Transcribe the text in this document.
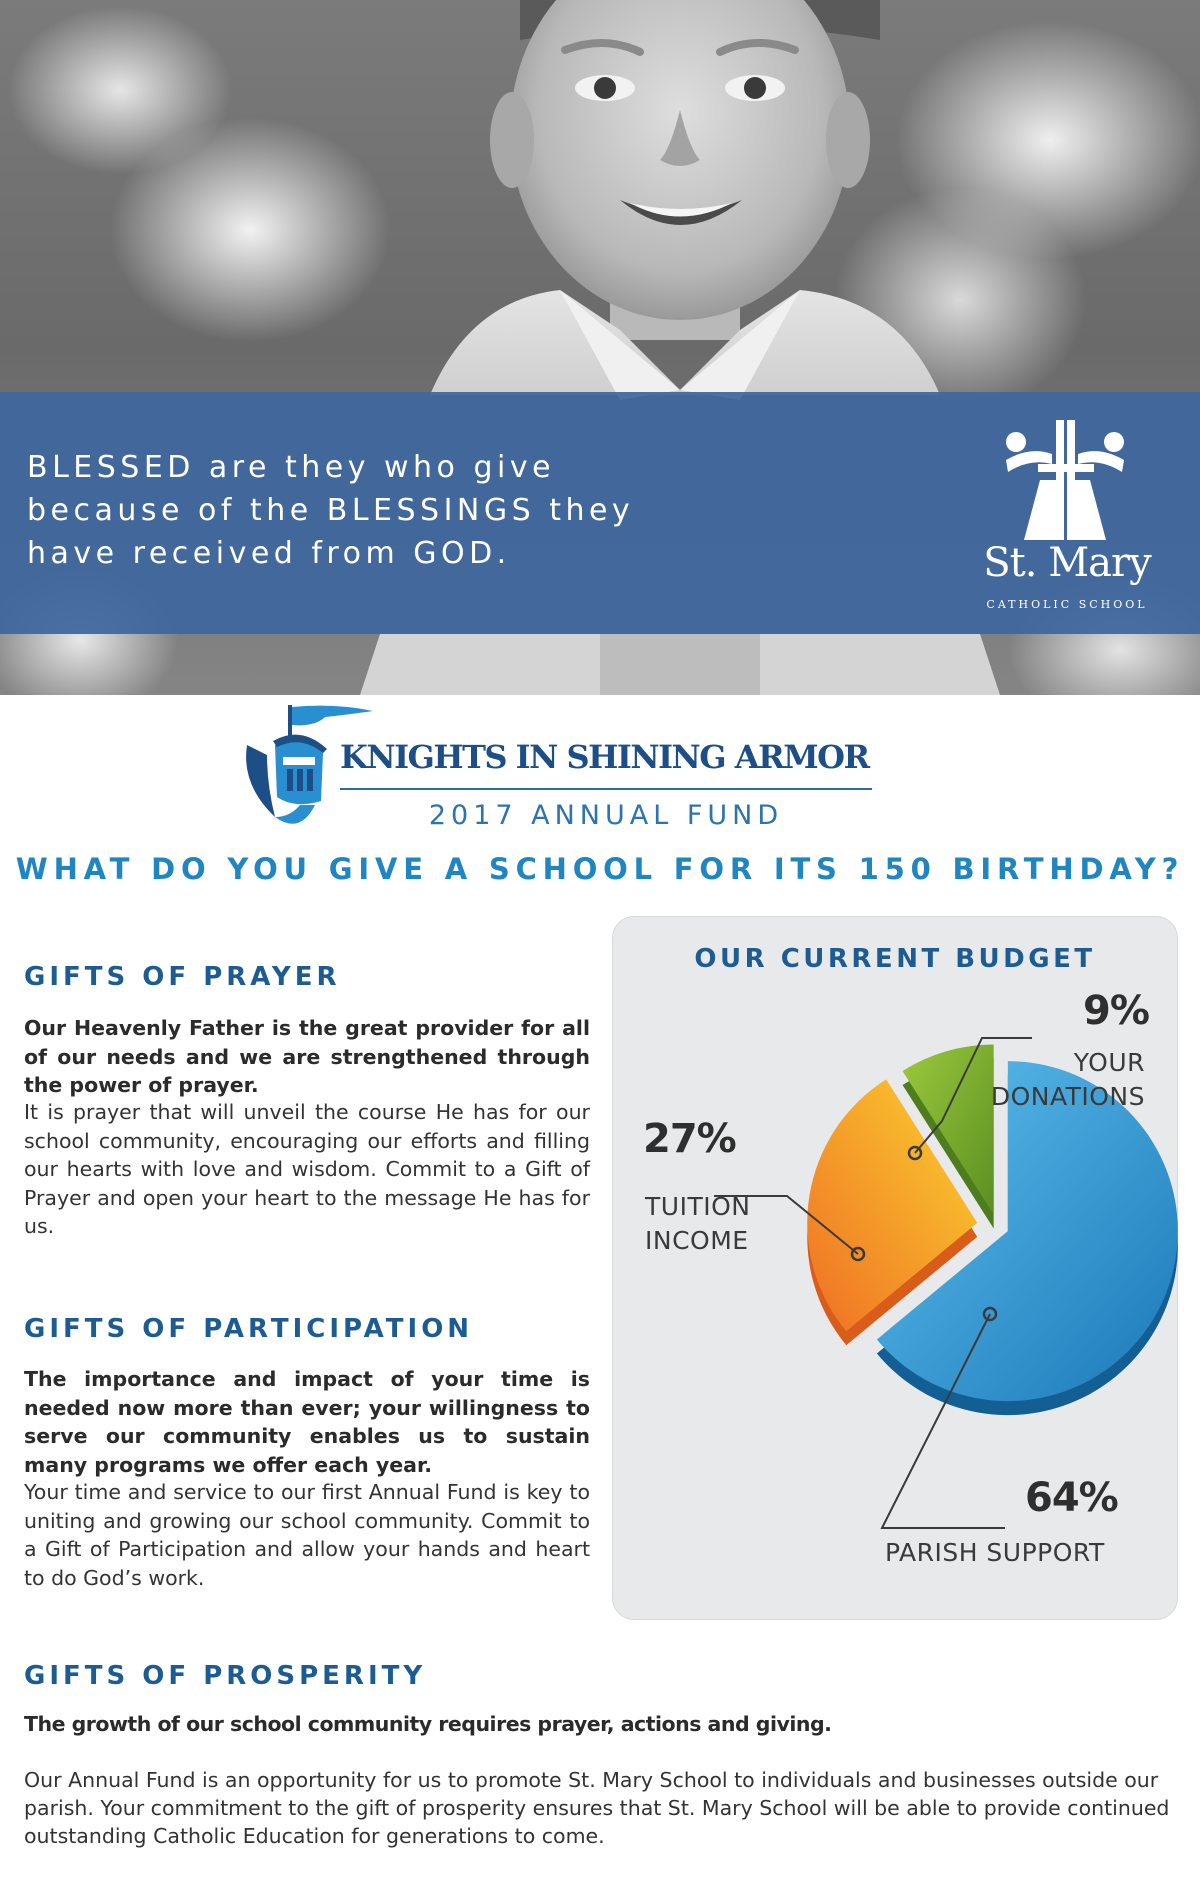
BLESSED are they who give
because of the BLESSINGS they
have received from GOD.	St. Mary
CATHOLIC SCHOOL
KNIGHTS IN SHINING ARMOR
2017 ANNUAL FUND
WHAT DO YOU GIVE A SCHOOL FOR ITS 150 BIRTHDAY?
GIFTS OF PRAYER
Our Heavenly Father is the great provider for all of our needs and we are strengthened through the power of prayer.
It is prayer that will unveil the course He has for our school community, encouraging our efforts and filling our hearts with love and wisdom. Commit to a Gift of Prayer and open your heart to the message He has for us.
GIFTS OF PARTICIPATION
The importance and impact of your time is needed now more than ever; your willingness to serve our community enables us to sustain many programs we offer each year.
Your time and service to our first Annual Fund is key to uniting and growing our school community. Commit to a Gift of Participation and allow your hands and heart to do God’s work.
OUR CURRENT BUDGET
9%
YOUR
DONATIONS
27%
TUITION
INCOME
64%
PARISH SUPPORT
GIFTS OF PROSPERITY
The growth of our school community requires prayer, actions and giving.
Our Annual Fund is an opportunity for us to promote St. Mary School to individuals and businesses outside our parish. Your commitment to the gift of prosperity ensures that St. Mary School will be able to provide continued outstanding Catholic Education for generations to come.
